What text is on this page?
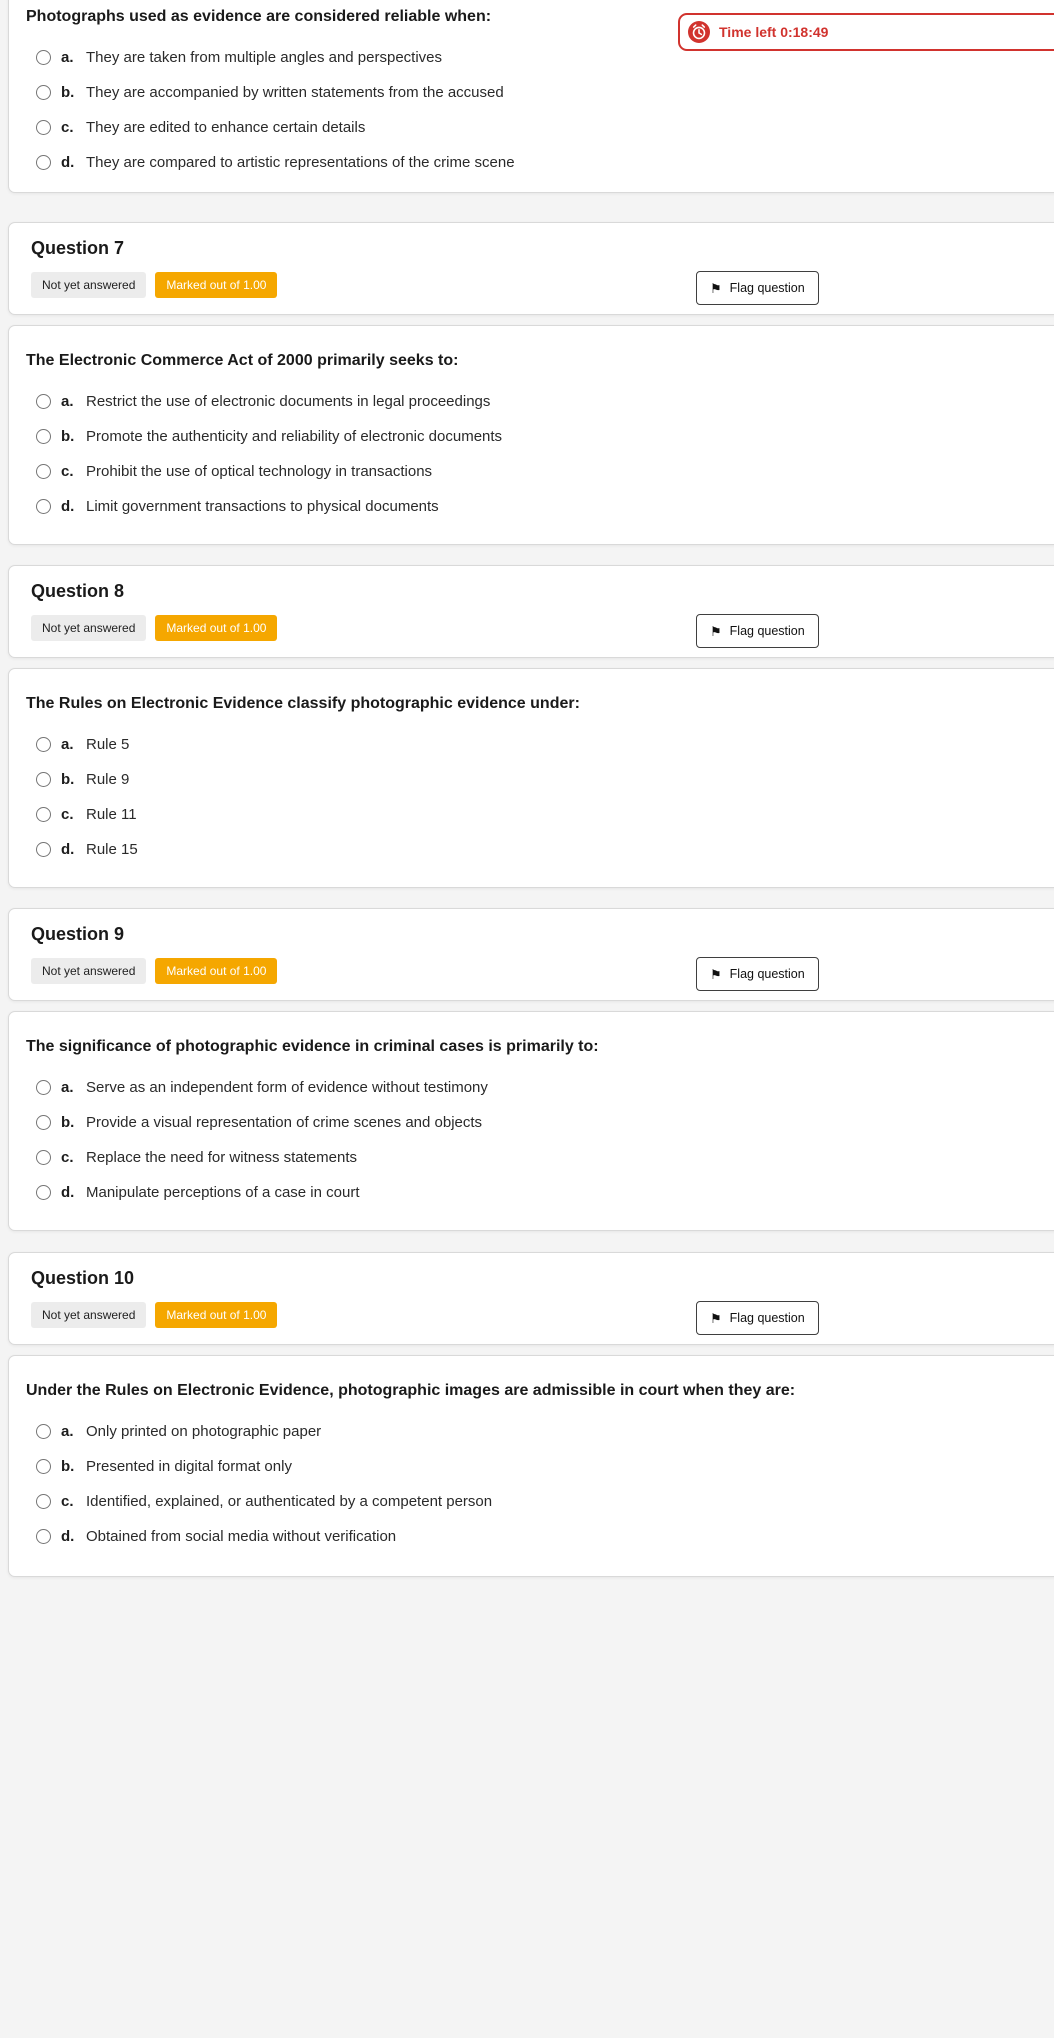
Photographs used as evidence are considered reliable when:
a. They are taken from multiple angles and perspectives
b. They are accompanied by written statements from the accused
c. They are edited to enhance certain details
d. They are compared to artistic representations of the crime scene
Time left 0:18:49
Question 7
Not yet answered	Marked out of 1.00	⚑ Flag question
The Electronic Commerce Act of 2000 primarily seeks to:
a. Restrict the use of electronic documents in legal proceedings
b. Promote the authenticity and reliability of electronic documents
c. Prohibit the use of optical technology in transactions
d. Limit government transactions to physical documents
Question 8
Not yet answered	Marked out of 1.00	⚑ Flag question
The Rules on Electronic Evidence classify photographic evidence under:
a. Rule 5
b. Rule 9
c. Rule 11
d. Rule 15
Question 9
Not yet answered	Marked out of 1.00	⚑ Flag question
The significance of photographic evidence in criminal cases is primarily to:
a. Serve as an independent form of evidence without testimony
b. Provide a visual representation of crime scenes and objects
c. Replace the need for witness statements
d. Manipulate perceptions of a case in court
Question 10
Not yet answered	Marked out of 1.00	⚑ Flag question
Under the Rules on Electronic Evidence, photographic images are admissible in court when they are:
a. Only printed on photographic paper
b. Presented in digital format only
c. Identified, explained, or authenticated by a competent person
d. Obtained from social media without verification
